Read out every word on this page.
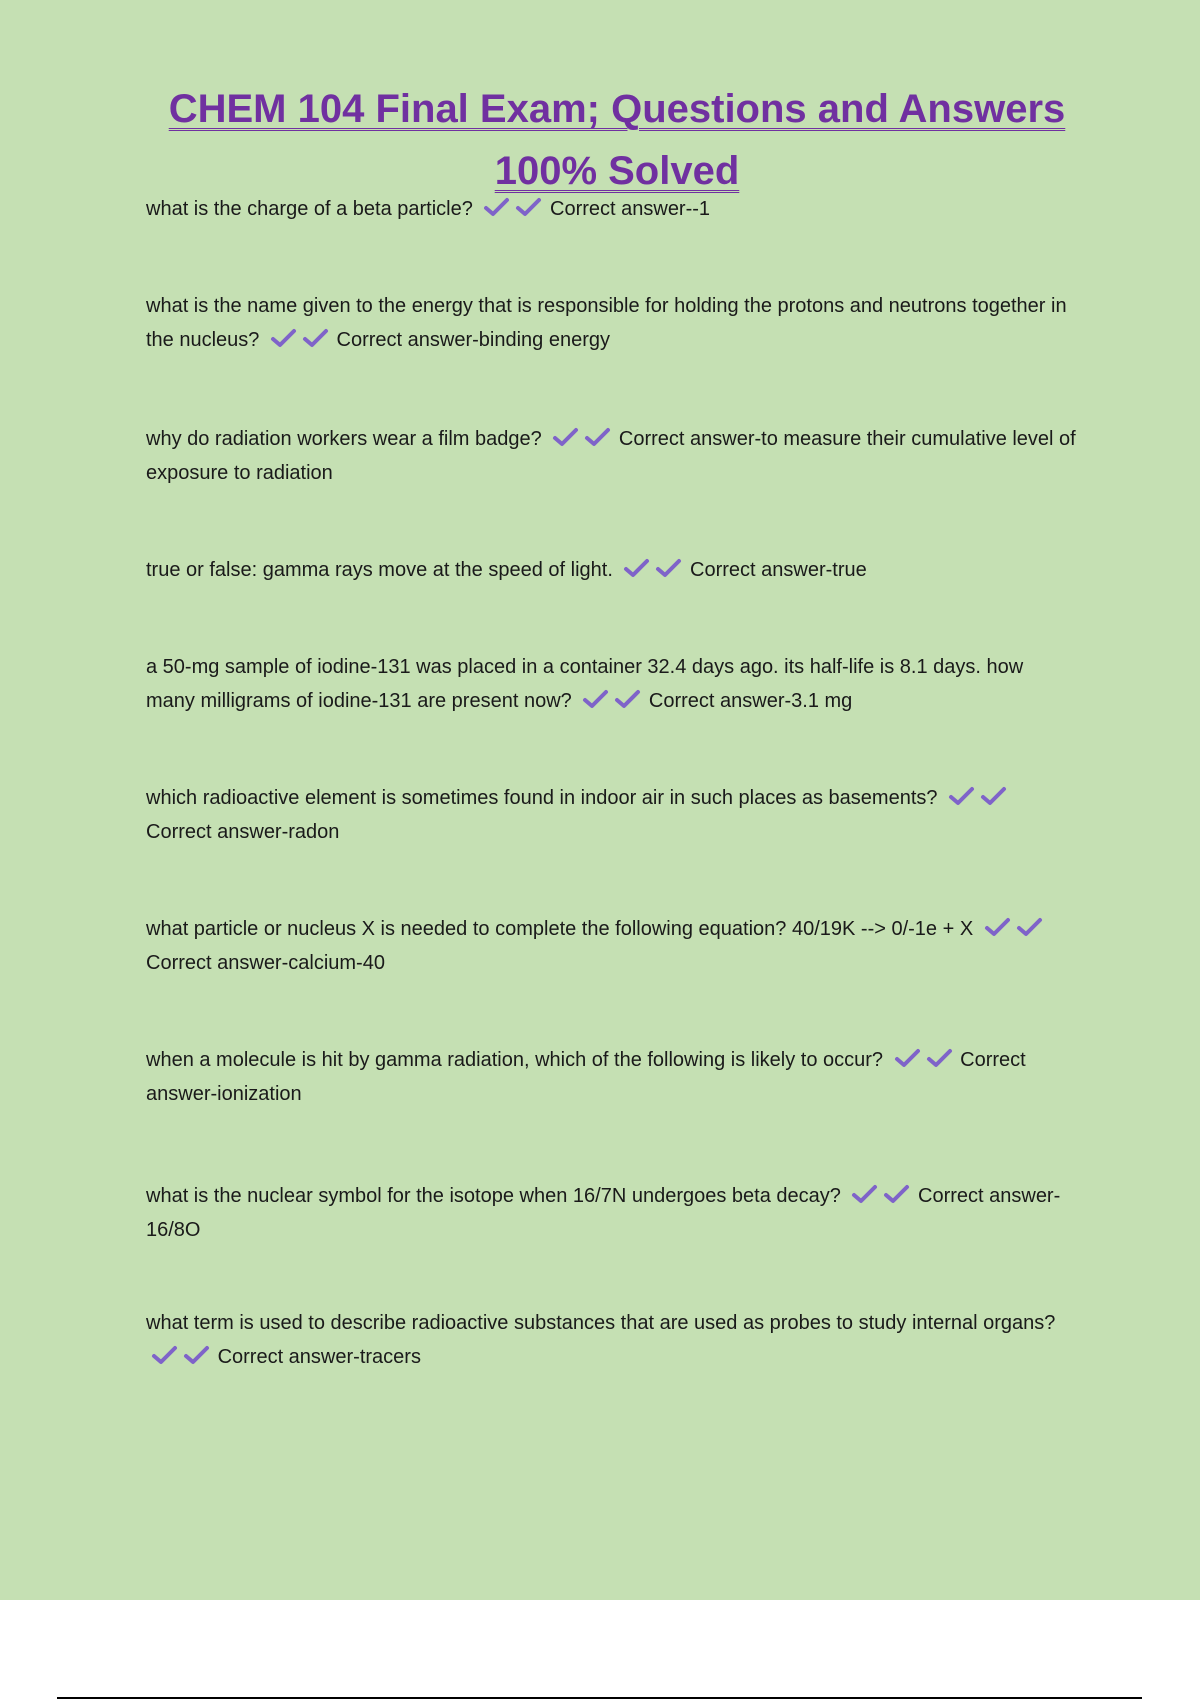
CHEM 104 Final Exam; Questions and Answers
100% Solved
what is the charge of a beta particle?	Correct answer--1
what is the name given to the energy that is responsible for holding the protons and neutrons together in the nucleus?	Correct answer-binding energy
why do radiation workers wear a film badge?	Correct answer-to measure their cumulative level of exposure to radiation
true or false: gamma rays move at the speed of light.	Correct answer-true
a 50-mg sample of iodine-131 was placed in a container 32.4 days ago. its half-life is 8.1 days. how many milligrams of iodine-131 are present now?	Correct answer-3.1 mg
which radioactive element is sometimes found in indoor air in such places as basements?
Correct answer-radon
what particle or nucleus X is needed to complete the following equation? 40/19K --> 0/-1e + X
Correct answer-calcium-40
when a molecule is hit by gamma radiation, which of the following is likely to occur?	Correct answer-ionization
what is the nuclear symbol for the isotope when 16/7N undergoes beta decay?	Correct answer-16/8O
what term is used to describe radioactive substances that are used as probes to study internal organs?
Correct answer-tracers
